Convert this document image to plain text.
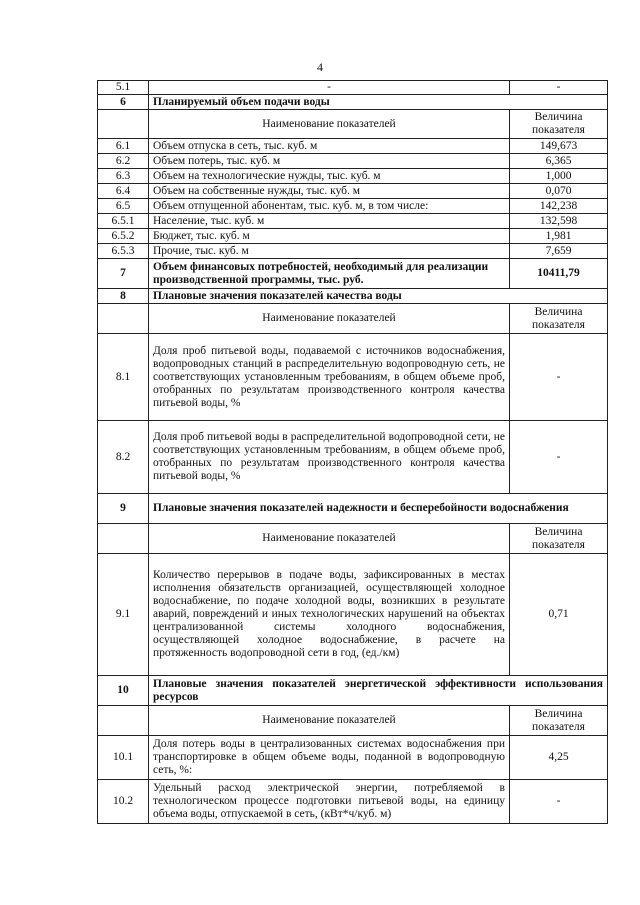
4
5.1	-	-
6	Планируемый объем подачи воды	
	Наименование показателей	Величина показателя
6.1	Объем отпуска в сеть, тыс. куб. м	149,673
6.2	Объем потерь, тыс. куб. м	6,365
6.3	Объем на технологические нужды, тыс. куб. м	1,000
6.4	Объем на собственные нужды, тыс. куб. м	0,070
6.5	Объем отпущенной абонентам, тыс. куб. м, в том числе:	142,238
6.5.1	Население, тыс. куб. м	132,598
6.5.2	Бюджет, тыс. куб. м	1,981
6.5.3	Прочие, тыс. куб. м	7,659
7	Объем финансовых потребностей, необходимый для реализации производственной программы, тыс. руб.	10411,79
8	Плановые значения показателей качества воды	
	Наименование показателей	Величина показателя
8.1	Доля проб питьевой воды, подаваемой с источников водоснабжения, водопроводных станций в распределительную водопроводную сеть, не соответствующих установленным требованиям, в общем объеме проб, отобранных по результатам производственного контроля качества питьевой воды, %	-
8.2	Доля проб питьевой воды в распределительной водопроводной сети, не соответствующих установленным требованиям, в общем объеме проб, отобранных по результатам производственного контроля качества питьевой воды, %	-
9	Плановые значения показателей надежности и бесперебойности водоснабжения	
	Наименование показателей	Величина показателя
9.1	Количество перерывов в подаче воды, зафиксированных в местах исполнения обязательств организацией, осуществляющей холодное водоснабжение, по подаче холодной воды, возникших в результате аварий, повреждений и иных технологических нарушений на объектах централизованной системы холодного водоснабжения, осуществляющей холодное водоснабжение, в расчете на протяженность водопроводной сети в год, (ед./км)	0,71
10	Плановые значения показателей энергетической эффективности использования ресурсов	
	Наименование показателей	Величина показателя
10.1	Доля потерь воды в централизованных системах водоснабжения при транспортировке в общем объеме воды, поданной в водопроводную сеть, %:	4,25
10.2	Удельный расход электрической энергии, потребляемой в технологическом процессе подготовки питьевой воды, на единицу объема воды, отпускаемой в сеть, (кВт*ч/куб. м)	-
